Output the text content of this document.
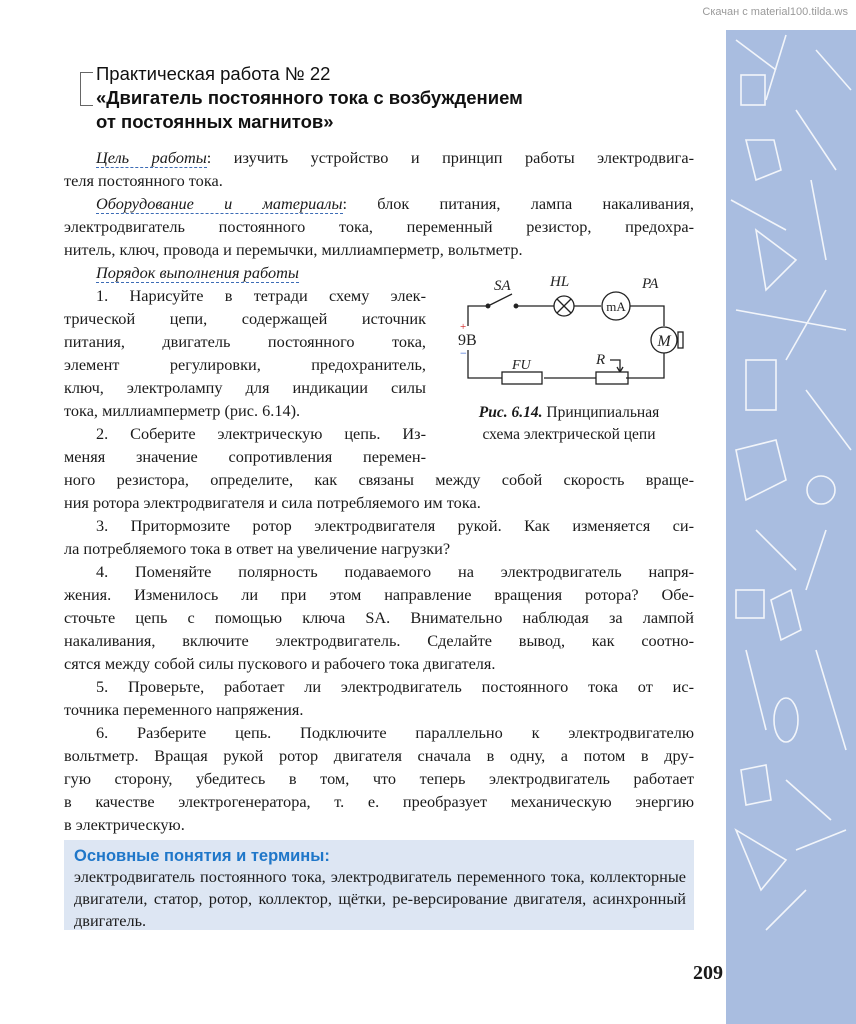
Скачан с material100.tilda.ws
Практическая работа № 22
«Двигатель постоянного тока с возбуждением
от постоянных магнитов»

Цель работы: изучить устройство и принцип работы электродвига-

теля постоянного тока.

Оборудование и материалы: блок питания, лампа накаливания,

электродвигатель постоянного тока, переменный резистор, предохра-

нитель, ключ, провода и перемычки, миллиамперметр, вольтметр.

Порядок выполнения работы

1. Нарисуйте в тетради схему элек-

трической цепи, содержащей источник

питания, двигатель постоянного тока,

элемент регулировки, предохранитель,

ключ, электролампу для индикации силы

тока, миллиамперметр (рис. 6.14).

2. Соберите электрическую цепь. Из-

меняя значение сопротивления перемен-

ного резистора, определите, как связаны между собой скорость враще-

ния ротора электродвигателя и сила потребляемого им тока.

3. Притормозите ротор электродвигателя рукой. Как изменяется си-

ла потребляемого тока в ответ на увеличение нагрузки?

4. Поменяйте полярность подаваемого на электродвигатель напря-

жения. Изменилось ли при этом направление вращения ротора? Обе-

сточьте цепь с помощью ключа SA. Внимательно наблюдая за лампой

накаливания, включите электродвигатель. Сделайте вывод, как соотно-

сятся между собой силы пускового и рабочего тока двигателя.

5. Проверьте, работает ли электродвигатель постоянного тока от ис-

точника переменного напряжения.

6. Разберите цепь. Подключите параллельно к электродвигателю

вольтметр. Вращая рукой ротор двигателя сначала в одну, а потом в дру-

гую сторону, убедитесь в том, что теперь электродвигатель работает

в качестве электрогенератора, т. е. преобразует механическую энергию

в электрическую.

SA	HL	PA
mA
M
FU	R
+
9В
−
Рис. 6.14. Принципиальная
схема электрической цепи
Основные понятия и термины:
электродвигатель постоянного тока, электродвигатель переменного тока, коллекторные двигатели, статор, ротор, коллектор, щётки, ре-версирование двигателя, асинхронный двигатель.
209
